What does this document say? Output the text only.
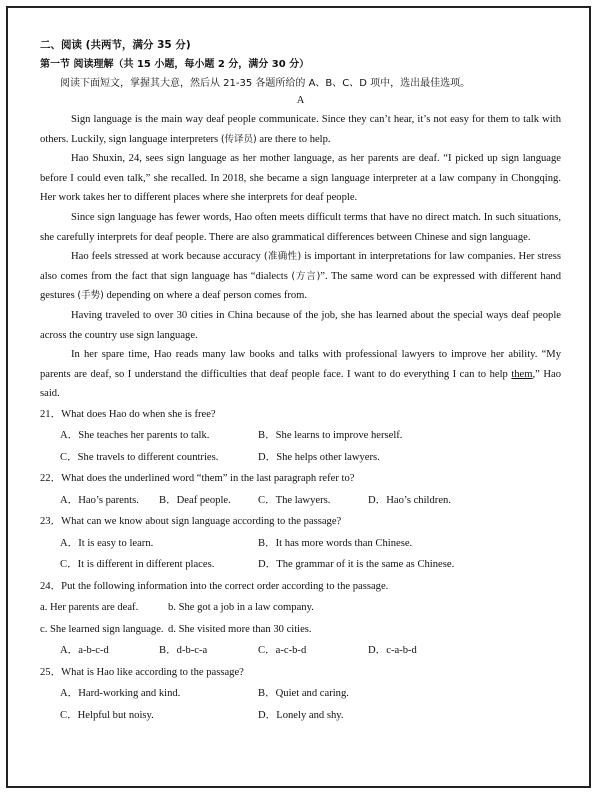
二、阅读 (共两节，满分 35 分)
第一节 阅读理解（共 15 小题，每小题 2 分，满分 30 分）
阅读下面短文，掌握其大意，然后从 21-35 各题所给的 A、B、C、D 项中，选出最佳选项。
A

Sign language is the main way deaf people communicate. Since they can’t hear, it’s not easy for them to talk with others. Luckily, sign language interpreters (传译员) are there to help.

Hao Shuxin, 24, sees sign language as her mother language, as her parents are deaf. “I picked up sign language before I could even talk,” she recalled. In 2018, she became a sign language interpreter at a law company in Chongqing. Her work takes her to different places where she interprets for deaf people.

Since sign language has fewer words, Hao often meets difficult terms that have no direct match. In such situations, she carefully interprets for deaf people. There are also grammatical differences between Chinese and sign language.

Hao feels stressed at work because accuracy (准确性) is important in interpretations for law companies. Her stress also comes from the fact that sign language has “dialects (方言)”. The same word can be expressed with different hand gestures (手势) depending on where a deaf person comes from.

Having traveled to over 30 cities in China because of the job, she has learned about the special ways deaf people across the country use sign language.

In her spare time, Hao reads many law books and talks with professional lawyers to improve her ability. “My parents are deaf, so I understand the difficulties that deaf people face. I want to do everything I can to help them,” Hao said.

21．What does Hao do when she is free?

A．She teaches her parents to talk.	B．She learns to improve herself.
C．She travels to different countries.	D．She helps other lawyers.

22．What does the underlined word “them” in the last paragraph refer to?

A．Hao’s parents.	B．Deaf people.	C．The lawyers.	D．Hao’s children.

23．What can we know about sign language according to the passage?

A．It is easy to learn.	B．It has more words than Chinese.
C．It is different in different places.	D．The grammar of it is the same as Chinese.

24．Put the following information into the correct order according to the passage.

a. Her parents are deaf.	b. She got a job in a law company.
c. She learned sign language. d. She visited more than 30 cities.
A．a-b-c-d	B．d-b-c-a	C．a-c-b-d	D．c-a-b-d

25．What is Hao like according to the passage?

A．Hard-working and kind.	B．Quiet and caring.
C．Helpful but noisy.	D．Lonely and shy.
